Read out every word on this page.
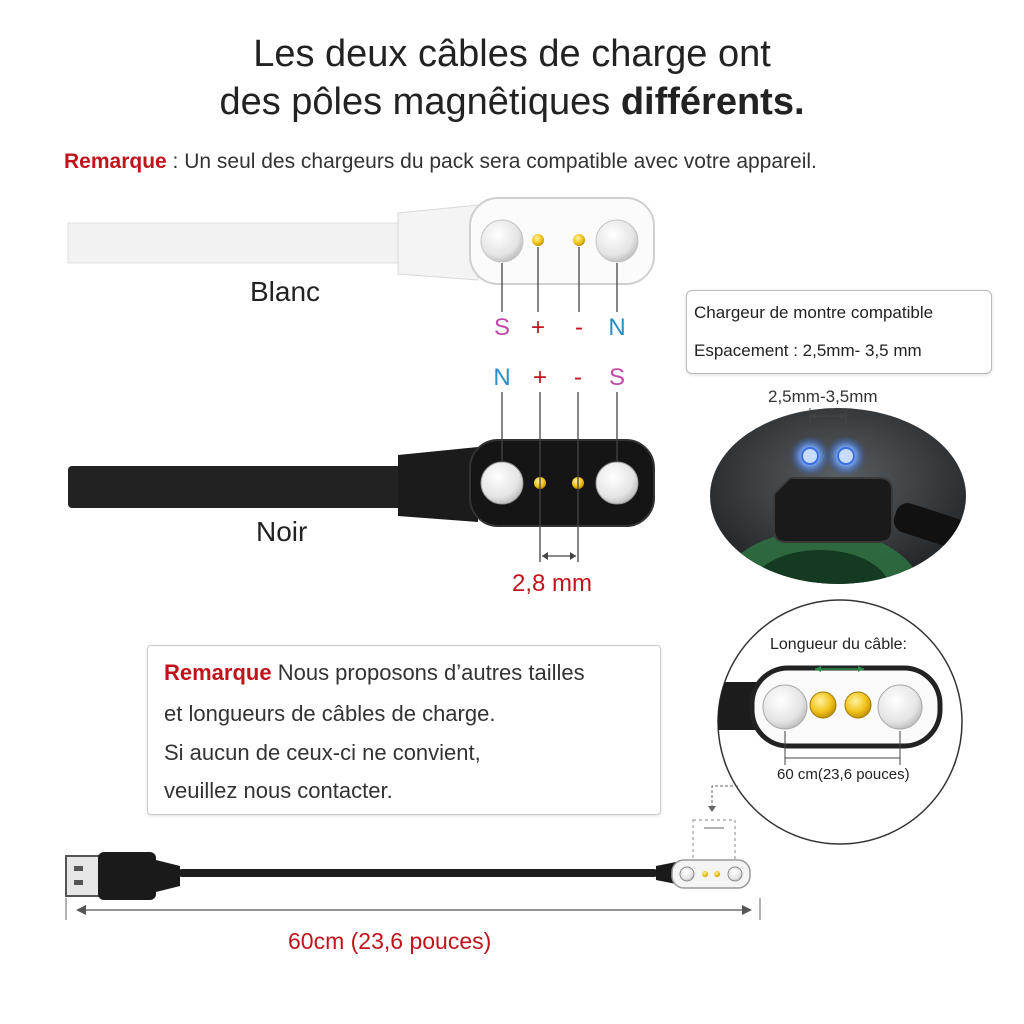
Les deux câbles de charge ont
des pôles magnêtiques différents.
Remarque : Un seul des chargeurs du pack sera compatible avec votre appareil.
Blanc
S +	-	N
N +	-	S
Noir
2,8 mm
Chargeur de montre compatible
Espacement : 2,5mm- 3,5 mm
2,5mm-3,5mm
Remarque Nous proposons d’autres tailles
et longueurs de câbles de charge.
Si aucun de ceux-ci ne convient,
veuillez nous contacter.
Longueur du câble:
60 cm(23,6 pouces)
60cm (23,6 pouces)
